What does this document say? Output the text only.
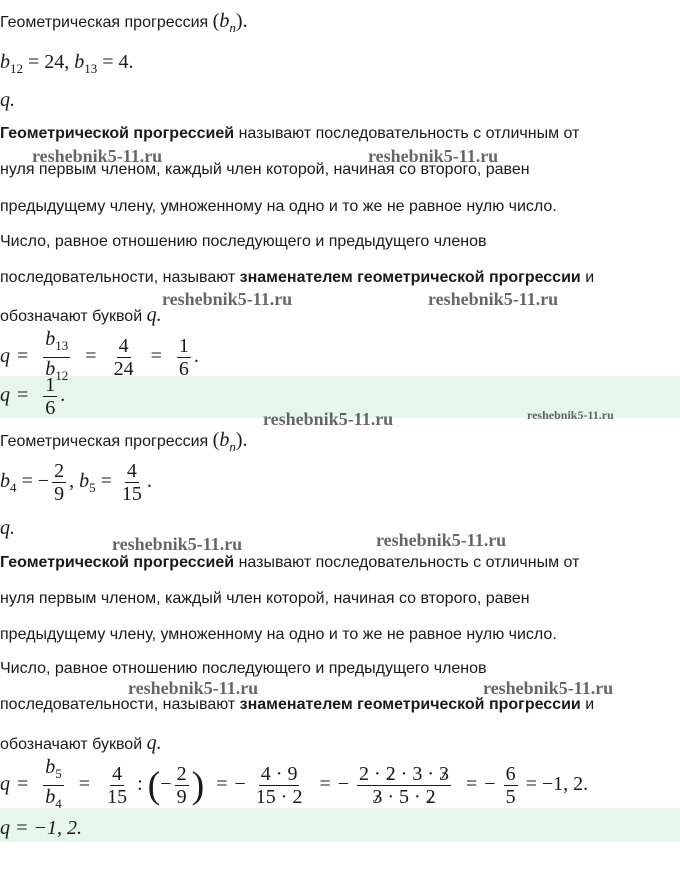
Геометрическая прогрессия $(b_n)$.
$b_{12} = 24$, $b_{13} = 4$.
q.
Геометрической прогрессией называют последовательность с отличным от
нуля первым членом, каждый член которой, начиная со второго, равен
предыдущему члену, умноженному на одно и то же не равное нулю число.
Число, равное отношению последующего и предыдущего членов
последовательности, называют знаменателем геометрической прогрессии и
обозначают буквой q.
$q = \frac{b_{13}}{b_{12}} = \frac{4}{24} = \frac{1}{6}$ .
$q = \frac{1}{6}$ .
Геометрическая прогрессия $(b_n)$.
$b_4$ = − $\frac{2}{9}$ , $b_5 = \frac{4}{15}$ .
q.
Геометрической прогрессией называют последовательность с отличным от
нуля первым членом, каждый член которой, начиная со второго, равен
предыдущему члену, умноженному на одно и то же не равное нулю число.
Число, равное отношению последующего и предыдущего членов
последовательности, называют знаменателем геометрической прогрессии и
обозначают буквой q.
$q = \frac{b_5}{b_4} = \frac{4}{15}$ : (− $\frac{2}{9}$ ) = − $\frac{4 \cdot 9}{15 \cdot 2}$ = − $\frac{2 \cdot 2 \cdot 3 \cdot 3}{3 \cdot 5 \cdot 2}$ = − $\frac{6}{5} = -1$, 2.
q = −1, 2.
reshebnik5-11.ru	reshebnik5-11.ru
reshebnik5-11.ru	reshebnik5-11.ru
reshebnik5-11.ru	reshebnik5-11.ru
reshebnik5-11.ru	reshebnik5-11.ru
reshebnik5-11.ru	reshebnik5-11.ru
